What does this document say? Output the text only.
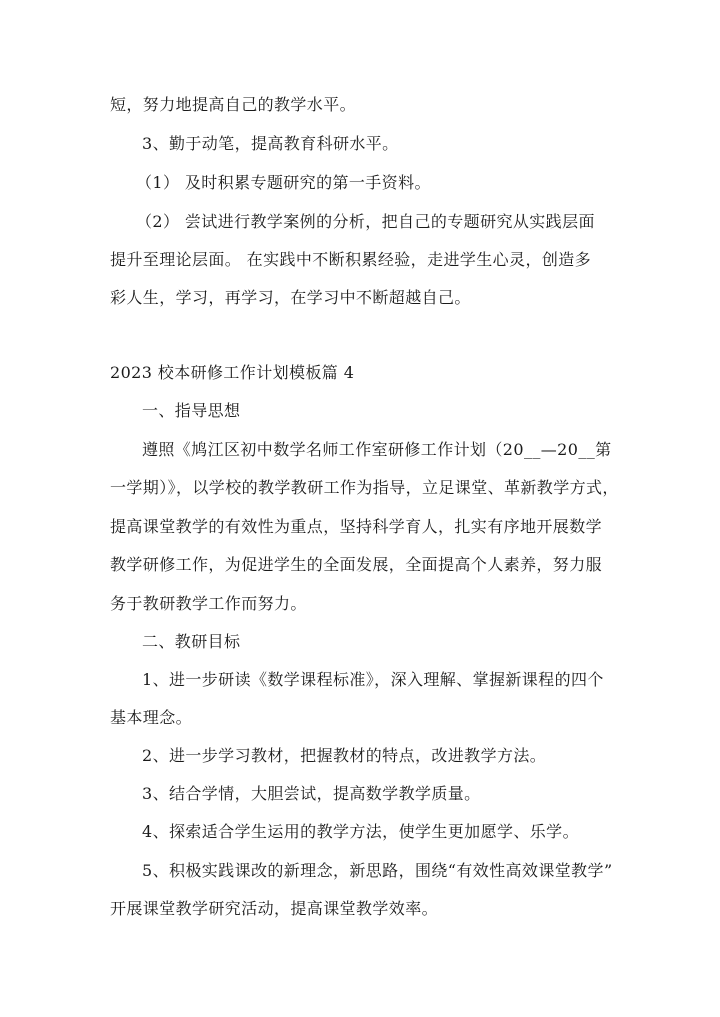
短，努力地提高自己的教学水平。
3、勤于动笔，提高教育科研水平。
（1） 及时积累专题研究的第一手资料。
（2） 尝试进行教学案例的分析，把自己的专题研究从实践层面
提升至理论层面。 在实践中不断积累经验，走进学生心灵，创造多
彩人生，学习，再学习，在学习中不断超越自己。
2023 校本研修工作计划模板篇 4
一、指导思想
遵照《鸠江区初中数学名师工作室研修工作计划（20__—20__第
一学期）》，以学校的教学教研工作为指导，立足课堂、革新教学方式，
提高课堂教学的有效性为重点，坚持科学育人，扎实有序地开展数学
教学研修工作，为促进学生的全面发展，全面提高个人素养，努力服
务于教研教学工作而努力。
二、教研目标
1、进一步研读《数学课程标准》，深入理解、掌握新课程的四个
基本理念。
2、进一步学习教材，把握教材的特点，改进教学方法。
3、结合学情，大胆尝试，提高数学教学质量。
4、探索适合学生运用的教学方法，使学生更加愿学、乐学。
5、积极实践课改的新理念，新思路，围绕“有效性高效课堂教学”
开展课堂教学研究活动，提高课堂教学效率。
